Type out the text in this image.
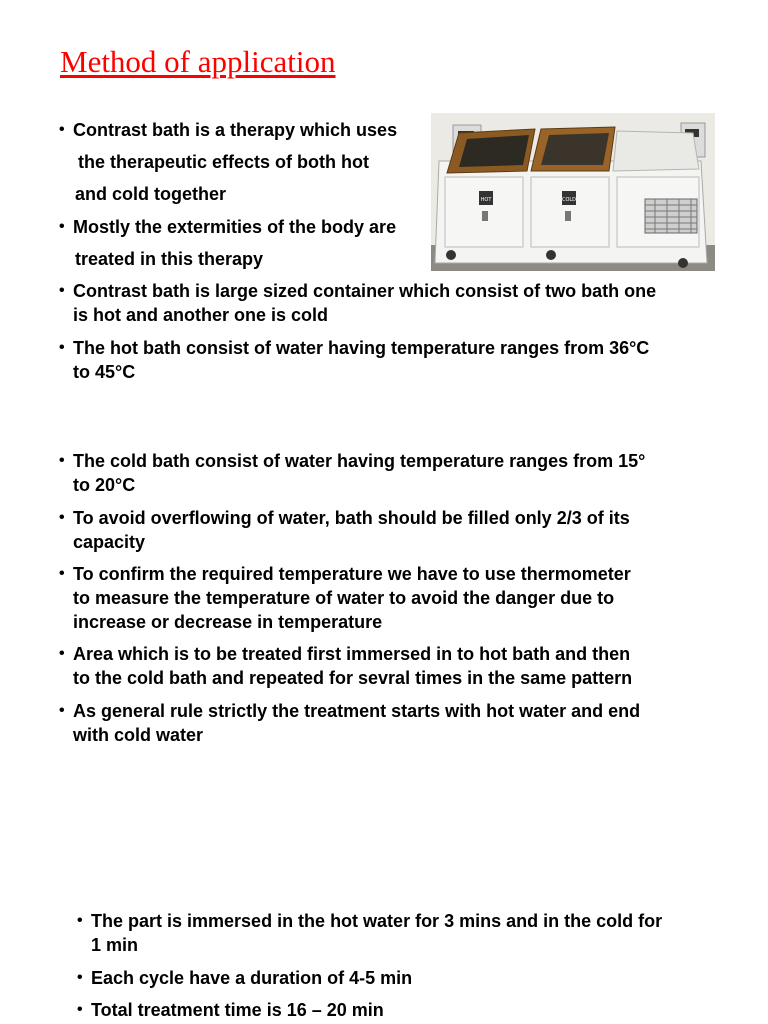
Method of application
HOT	COLD
• Contrast bath is a therapy which uses
the therapeutic effects of both hot
and cold together
• Mostly the extermities of the body are
treated in this therapy
• Contrast bath is large sized container which consist of two bath one
is hot and another one is cold
• The hot bath consist of water having temperature ranges from 36°C
to 45°C
• The cold bath consist of water having temperature ranges from 15°
to 20°C
• To avoid overflowing of water, bath should be filled only 2/3 of its
capacity
• To confirm the required temperature we have to use thermometer
to measure the temperature of water to avoid the danger due to
increase or decrease in temperature
• Area which is to be treated first immersed in to hot bath and then
to the cold bath and repeated for sevral times in the same pattern
• As general rule strictly the treatment starts with hot water and end
with cold water
• The part is immersed in the hot water for 3 mins and in the cold for
1 min
• Each cycle have a duration of 4-5 min
• Total treatment time is 16 – 20 min
